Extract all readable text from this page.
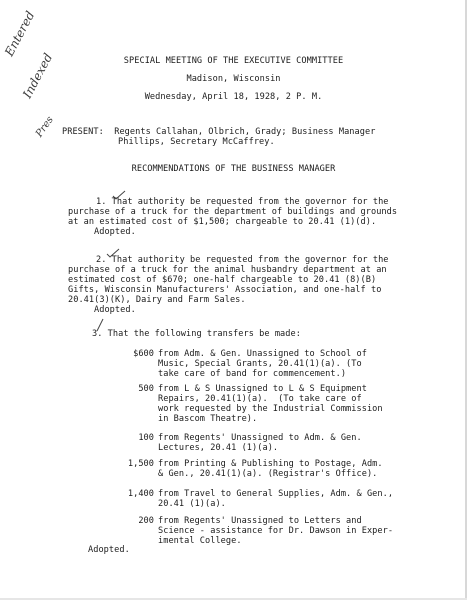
Entered
Indexed
Pres
SPECIAL MEETING OF THE EXECUTIVE COMMITTEE
Madison, Wisconsin
Wednesday, April 18, 1928, 2 P. M.
PRESENT:  Regents Callahan, Olbrich, Grady; Business Manager
Phillips, Secretary McCaffrey.
RECOMMENDATIONS OF THE BUSINESS MANAGER
1. That authority be requested from the governor for the
purchase of a truck for the department of buildings and grounds
at an estimated cost of $1,500; chargeable to 20.41 (1)(d).
Adopted.
2. That authority be requested from the governor for the
purchase of a truck for the animal husbandry department at an
estimated cost of $670; one-half chargeable to 20.41 (8)(B)
Gifts, Wisconsin Manufacturers' Association, and one-half to
20.41(3)(K), Dairy and Farm Sales.
Adopted.
3. That the following transfers be made:
$600 from Adm. & Gen. Unassigned to School of
Music, Special Grants, 20.41(1)(a). (To
take care of band for commencement.)
500 from L & S Unassigned to L & S Equipment
Repairs, 20.41(1)(a).  (To take care of
work requested by the Industrial Commission
in Bascom Theatre).
100 from Regents' Unassigned to Adm. & Gen.
Lectures, 20.41 (1)(a).
1,500 from Printing & Publishing to Postage, Adm.
& Gen., 20.41(1)(a). (Registrar's Office).
1,400 from Travel to General Supplies, Adm. & Gen.,
20.41 (1)(a).
200 from Regents' Unassigned to Letters and
Science - assistance for Dr. Dawson in Exper-
imental College.
Adopted.
